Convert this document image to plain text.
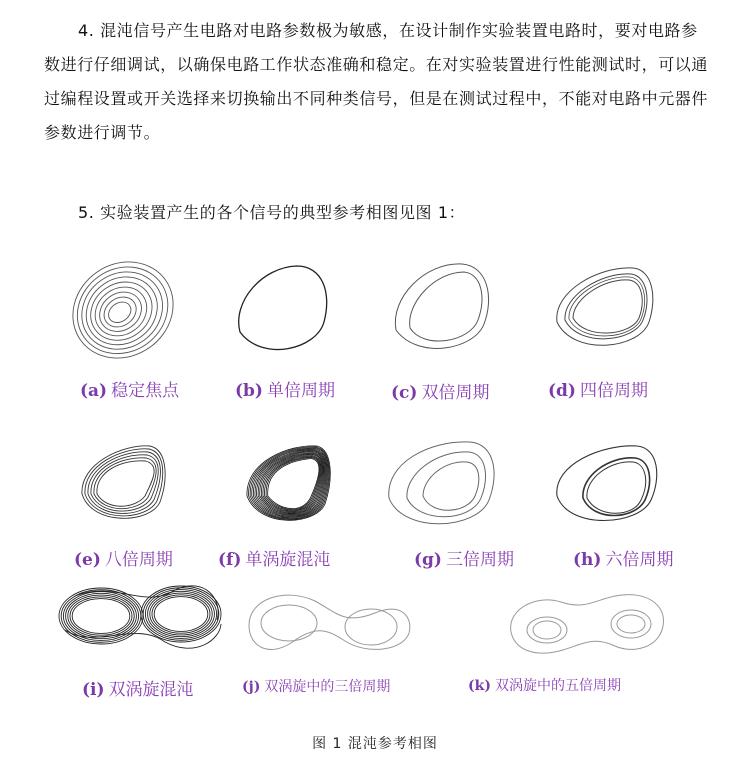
4. 混沌信号产生电路对电路参数极为敏感，在设计制作实验装置电路时，要对电路参数进行仔细调试，以确保电路工作状态准确和稳定。在对实验装置进行性能测试时，可以通过编程设置或开关选择来切换输出不同种类信号，但是在测试过程中，不能对电路中元器件参数进行调节。
5. 实验装置产生的各个信号的典型参考相图见图 1：
(a) 稳定焦点	(b) 单倍周期	(c) 双倍周期	(d) 四倍周期
(e) 八倍周期	(f) 单涡旋混沌	(g) 三倍周期	(h) 六倍周期
(i) 双涡旋混沌	(j) 双涡旋中的三倍周期	(k) 双涡旋中的五倍周期
图 1 混沌参考相图
